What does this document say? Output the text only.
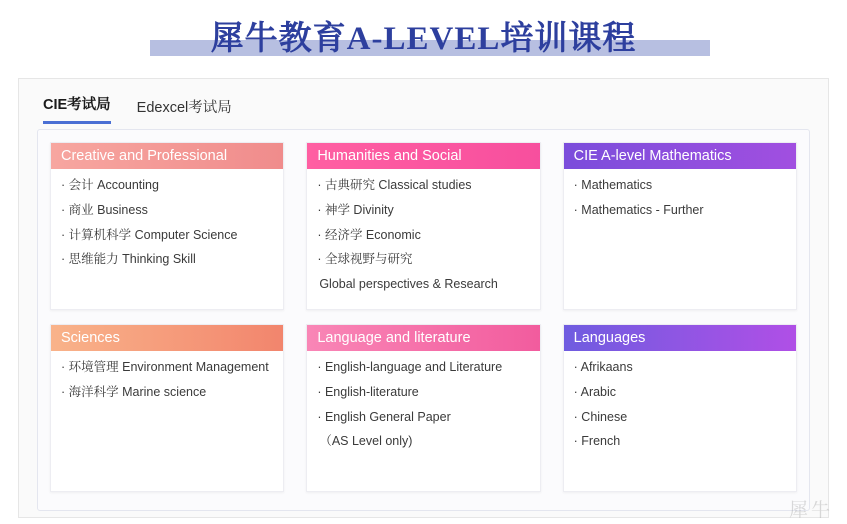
犀牛教育A-LEVEL培训课程
CIE考试局 Edexcel考试局
Creative and Professional
· 会计 Accounting
· 商业 Business
· 计算机科学 Computer Science
· 思维能力 Thinking Skill
Humanities and Social
· 古典研究 Classical studies
· 神学 Divinity
· 经济学 Economic
· 全球视野与研究
Global perspectives & Research
CIE A-level Mathematics
· Mathematics
· Mathematics - Further
Sciences
· 环境管理 Environment Management
· 海洋科学 Marine science
Language and literature
· English-language and Literature
· English-literature
· English General Paper
（AS Level only)
Languages
· Afrikaans
· Arabic
· Chinese
· French
犀牛
